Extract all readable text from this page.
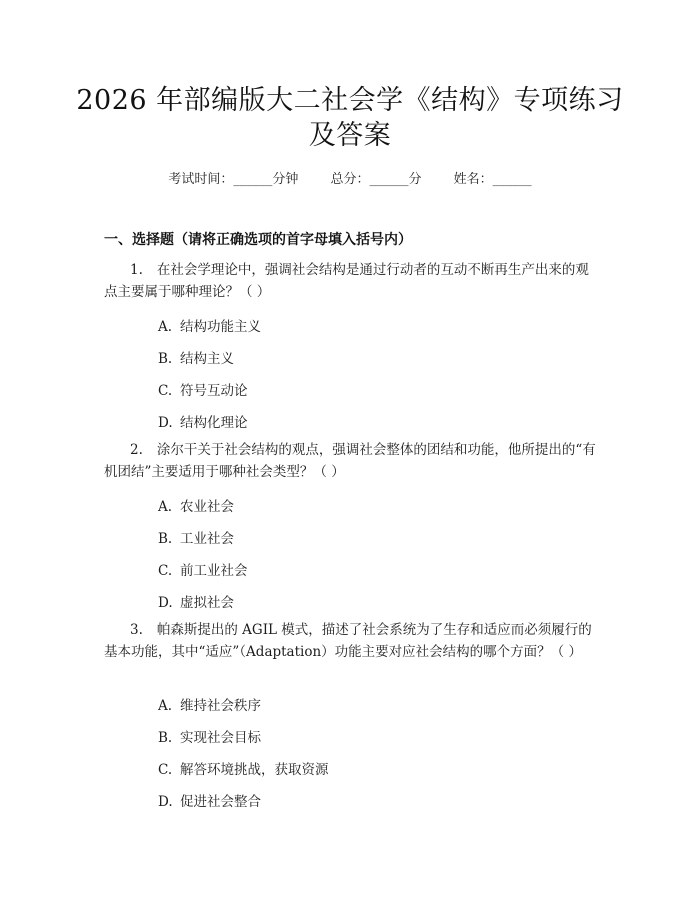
2026 年部编版大二社会学《结构》专项练习
及答案
考试时间：______分钟 总分：______分 姓名：______
一、选择题（请将正确选项的首字母填入括号内）
1. 在社会学理论中，强调社会结构是通过行动者的互动不断再生产出来的观点主要属于哪种理论？（ ）
A. 结构功能主义
B. 结构主义
C. 符号互动论
D. 结构化理论
2. 涂尔干关于社会结构的观点，强调社会整体的团结和功能，他所提出的“有机团结”主要适用于哪种社会类型？（ ）
A. 农业社会
B. 工业社会
C. 前工业社会
D. 虚拟社会
3. 帕森斯提出的 AGIL 模式，描述了社会系统为了生存和适应而必须履行的基本功能，其中“适应”（Adaptation）功能主要对应社会结构的哪个方面？（ ）
A. 维持社会秩序
B. 实现社会目标
C. 解答环境挑战，获取资源
D. 促进社会整合
